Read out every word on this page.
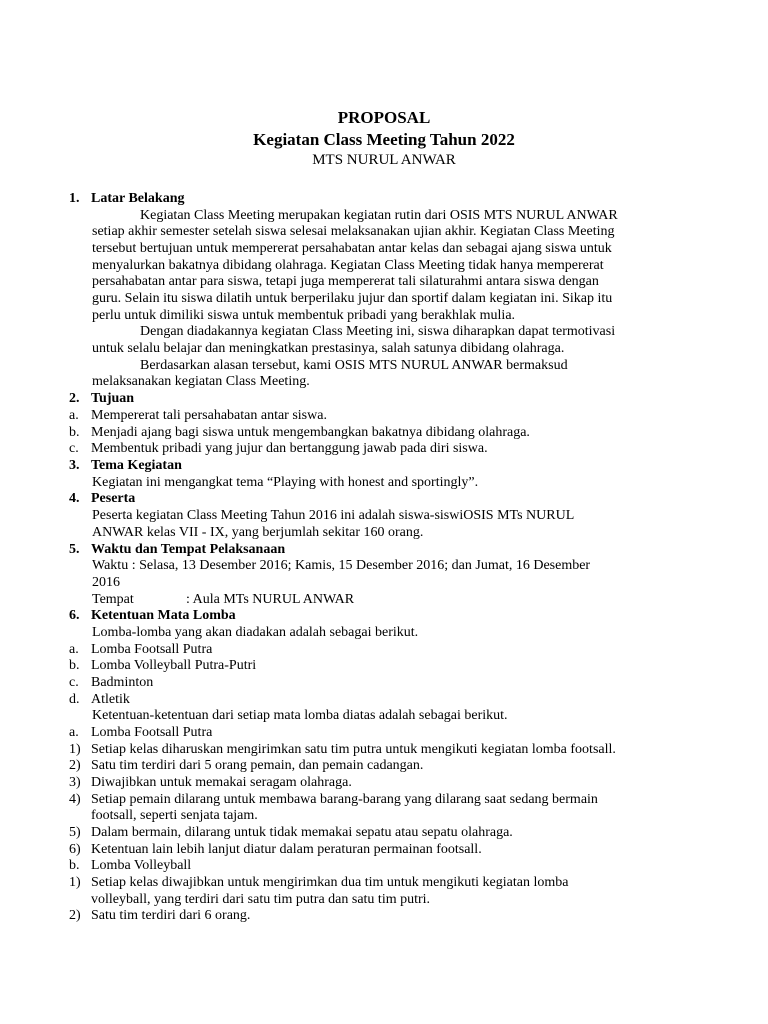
PROPOSAL
Kegiatan Class Meeting Tahun 2022
MTS NURUL ANWAR
1. Latar Belakang
Kegiatan Class Meeting merupakan kegiatan rutin dari OSIS MTS NURUL ANWAR
setiap akhir semester setelah siswa selesai melaksanakan ujian akhir. Kegiatan Class Meeting
tersebut bertujuan untuk mempererat persahabatan antar kelas dan sebagai ajang siswa untuk
menyalurkan bakatnya dibidang olahraga. Kegiatan Class Meeting tidak hanya mempererat
persahabatan antar para siswa, tetapi juga mempererat tali silaturahmi antara siswa dengan
guru. Selain itu siswa dilatih untuk berperilaku jujur dan sportif dalam kegiatan ini. Sikap itu
perlu untuk dimiliki siswa untuk membentuk pribadi yang berakhlak mulia.
Dengan diadakannya kegiatan Class Meeting ini, siswa diharapkan dapat termotivasi
untuk selalu belajar dan meningkatkan prestasinya, salah satunya dibidang olahraga.
Berdasarkan alasan tersebut, kami OSIS MTS NURUL ANWAR bermaksud
melaksanakan kegiatan Class Meeting.
2. Tujuan
a. Mempererat tali persahabatan antar siswa.
b. Menjadi ajang bagi siswa untuk mengembangkan bakatnya dibidang olahraga.
c. Membentuk pribadi yang jujur dan bertanggung jawab pada diri siswa.
3. Tema Kegiatan
Kegiatan ini mengangkat tema “Playing with honest and sportingly”.
4. Peserta
Peserta kegiatan Class Meeting Tahun 2016 ini adalah siswa-siswiOSIS MTs NURUL
ANWAR kelas VII - IX, yang berjumlah sekitar 160 orang.
5. Waktu dan Tempat Pelaksanaan
Waktu : Selasa, 13 Desember 2016; Kamis, 15 Desember 2016; dan Jumat, 16 Desember
2016
Tempat	: Aula MTs NURUL ANWAR
6. Ketentuan Mata Lomba
Lomba-lomba yang akan diadakan adalah sebagai berikut.
a. Lomba Footsall Putra
b. Lomba Volleyball Putra-Putri
c. Badminton
d. Atletik
Ketentuan-ketentuan dari setiap mata lomba diatas adalah sebagai berikut.
a. Lomba Footsall Putra
1) Setiap kelas diharuskan mengirimkan satu tim putra untuk mengikuti kegiatan lomba footsall.
2) Satu tim terdiri dari 5 orang pemain, dan pemain cadangan.
3) Diwajibkan untuk memakai seragam olahraga.
4) Setiap pemain dilarang untuk membawa barang-barang yang dilarang saat sedang bermain
footsall, seperti senjata tajam.
5) Dalam bermain, dilarang untuk tidak memakai sepatu atau sepatu olahraga.
6) Ketentuan lain lebih lanjut diatur dalam peraturan permainan footsall.
b. Lomba Volleyball
1) Setiap kelas diwajibkan untuk mengirimkan dua tim untuk mengikuti kegiatan lomba
volleyball, yang terdiri dari satu tim putra dan satu tim putri.
2) Satu tim terdiri dari 6 orang.
